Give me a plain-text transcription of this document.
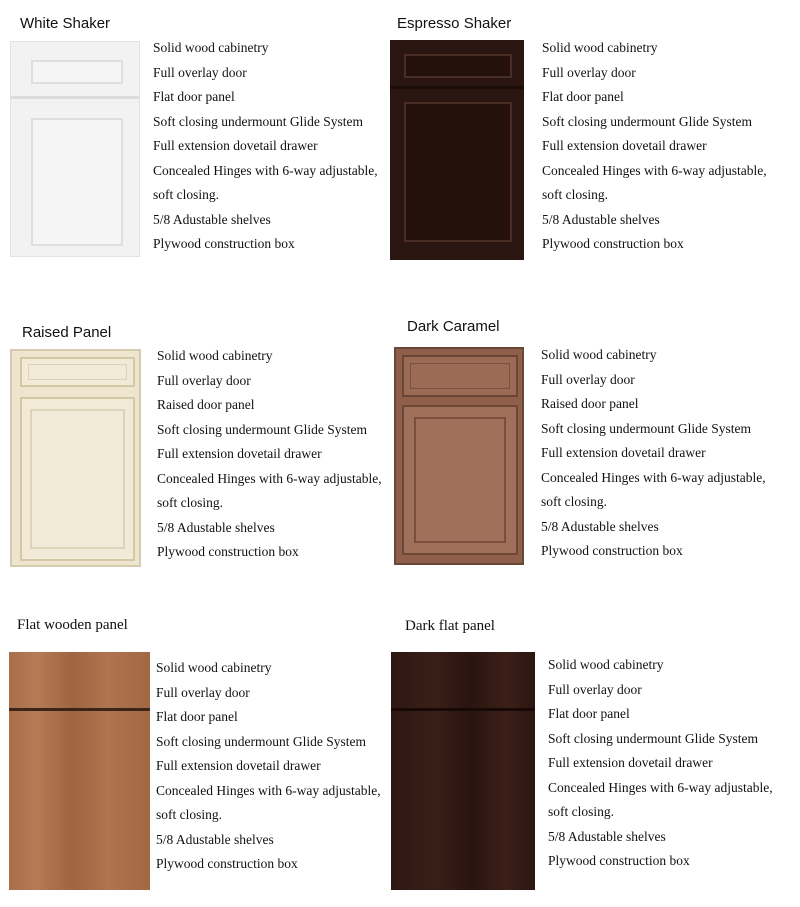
White Shaker
Solid wood cabinetry
Full overlay door
Flat door panel
Soft closing undermount Glide System
Full extension dovetail drawer
Concealed Hinges with 6-way adjustable,
soft closing.
5/8 Adustable shelves
Plywood construction box
Espresso Shaker
Solid wood cabinetry
Full overlay door
Flat door panel
Soft closing undermount Glide System
Full extension dovetail drawer
Concealed Hinges with 6-way adjustable,
soft closing.
5/8 Adustable shelves
Plywood construction box
Raised Panel
Solid wood cabinetry
Full overlay door
Raised door panel
Soft closing undermount Glide System
Full extension dovetail drawer
Concealed Hinges with 6-way adjustable,
soft closing.
5/8 Adustable shelves
Plywood construction box
Dark Caramel
Solid wood cabinetry
Full overlay door
Raised door panel
Soft closing undermount Glide System
Full extension dovetail drawer
Concealed Hinges with 6-way adjustable,
soft closing.
5/8 Adustable shelves
Plywood construction box
Flat wooden panel
Solid wood cabinetry
Full overlay door
Flat door panel
Soft closing undermount Glide System
Full extension dovetail drawer
Concealed Hinges with 6-way adjustable,
soft closing.
5/8 Adustable shelves
Plywood construction box
Dark flat panel
Solid wood cabinetry
Full overlay door
Flat door panel
Soft closing undermount Glide System
Full extension dovetail drawer
Concealed Hinges with 6-way adjustable,
soft closing.
5/8 Adustable shelves
Plywood construction box
